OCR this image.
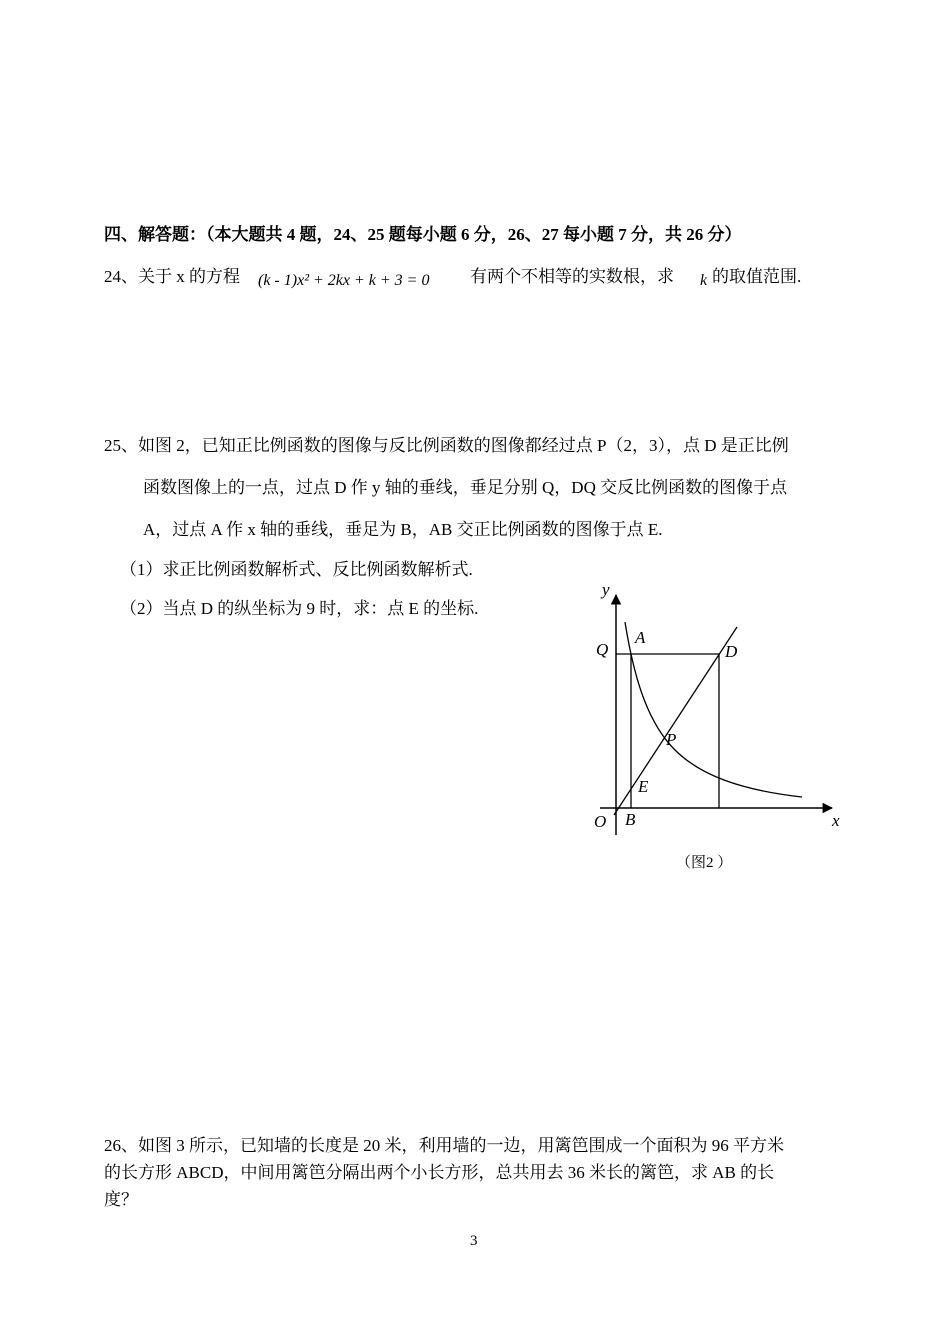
四、解答题：（本大题共 4 题，24、25 题每小题 6 分，26、27 每小题 7 分，共 26 分）
24、关于 x 的方程 (k - 1)x² + 2kx + k + 3 = 0 有两个不相等的实数根，求 k 的取值范围.
25、如图 2，已知正比例函数的图像与反比例函数的图像都经过点 P（2，3），点 D 是正比例
函数图像上的一点，过点 D 作 y 轴的垂线，垂足分别 Q，DQ 交反比例函数的图像于点
A，过点 A 作 x 轴的垂线，垂足为 B，AB 交正比例函数的图像于点 E.
（1）求正比例函数解析式、反比例函数解析式.
（2）当点 D 的纵坐标为 9 时，求：点 E 的坐标.
y
x
O
Q
A
D
P
E
B
（图2 ）
26、如图 3 所示，已知墙的长度是 20 米，利用墙的一边，用篱笆围成一个面积为 96 平方米
的长方形 ABCD，中间用篱笆分隔出两个小长方形，总共用去 36 米长的篱笆，求 AB 的长
度？
3
